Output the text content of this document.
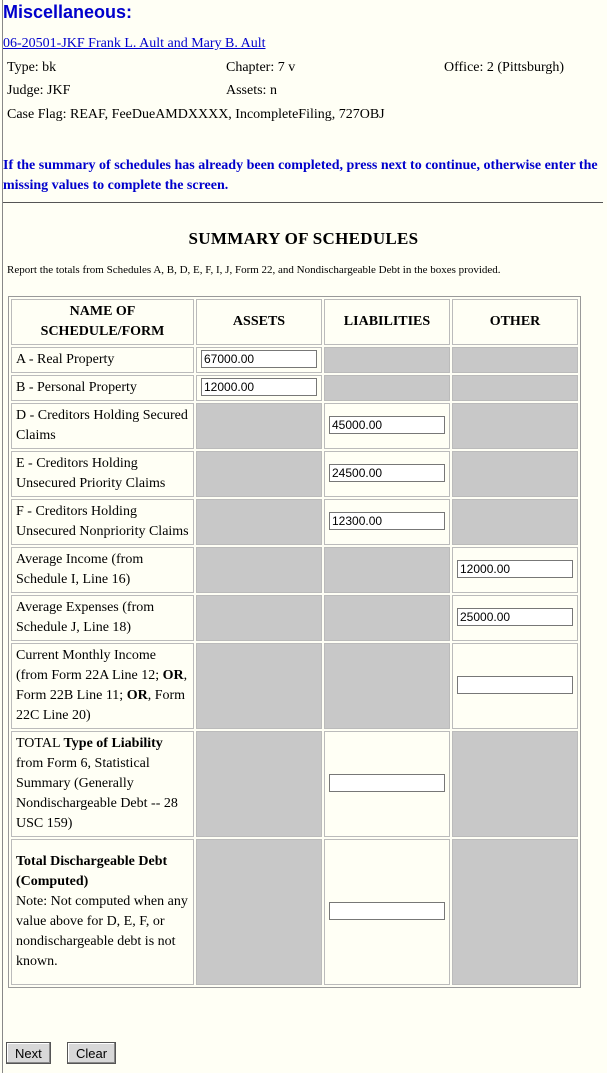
Miscellaneous:
06-20501-JKF Frank L. Ault and Mary B. Ault
Type: bk	Chapter: 7 v	Office: 2 (Pittsburgh)
Judge: JKF	Assets: n
Case Flag: REAF, FeeDueAMDXXXX, IncompleteFiling, 727OBJ
If the summary of schedules has already been completed, press next to continue, otherwise enter the missing values to complete the screen.
SUMMARY OF SCHEDULES
Report the totals from Schedules A, B, D, E, F, I, J, Form 22, and Nondischargeable Debt in the boxes provided.
NAME OF SCHEDULE/FORM	ASSETS	LIABILITIES	OTHER
A - Real Property	67000.00		
B - Personal Property	12000.00		
D - Creditors Holding Secured Claims		45000.00	
E - Creditors Holding Unsecured Priority Claims		24500.00	
F - Creditors Holding Unsecured Nonpriority Claims		12300.00	
Average Income (from Schedule I, Line 16)			12000.00
Average Expenses (from Schedule J, Line 18)			25000.00
Current Monthly Income (from Form 22A Line 12; OR, Form 22B Line 11; OR, Form 22C Line 20)			
TOTAL Type of Liability from Form 6, Statistical Summary (Generally Nondischargeable Debt -- 28 USC 159)			
Total Dischargeable Debt (Computed)
Note: Not computed when any value above for D, E, F, or nondischargeable debt is not known.			
Next	Clear
